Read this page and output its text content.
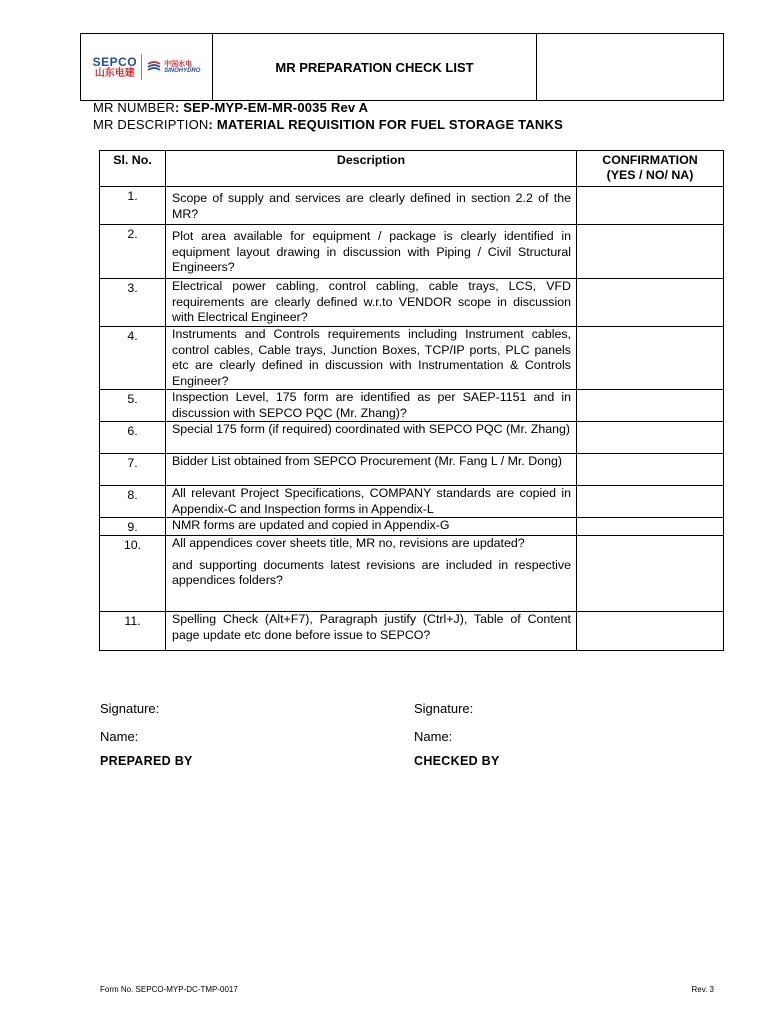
SEPCO
山东电建
中国水电
SINOHYDRO	MR PREPARATION CHECK LIST
MR NUMBER: SEP-MYP-EM-MR-0035 Rev A
MR DESCRIPTION: MATERIAL REQUISITION FOR FUEL STORAGE TANKS
Sl. No.	Description	CONFIRMATION
(YES / NO/ NA)

1.	Scope of supply and services are clearly defined in section 2.2 of the MR?	

2.	Plot area available for equipment / package is clearly identified in equipment layout drawing in discussion with Piping / Civil Structural Engineers?	

3.	Electrical power cabling, control cabling, cable trays, LCS, VFD requirements are clearly defined w.r.to VENDOR scope in discussion with Electrical Engineer?	

4.	Instruments and Controls requirements including Instrument cables, control cables, Cable trays, Junction Boxes, TCP/IP ports, PLC panels etc are clearly defined in discussion with Instrumentation & Controls Engineer?	

5.	Inspection Level, 175 form are identified as per SAEP-1151 and in discussion with SEPCO PQC (Mr. Zhang)?	

6.	Special 175 form (if required) coordinated with SEPCO PQC (Mr. Zhang)	

7.	Bidder List obtained from SEPCO Procurement (Mr. Fang L / Mr. Dong)	

8.	All relevant Project Specifications, COMPANY standards are copied in Appendix-C and Inspection forms in Appendix-L	

9.	NMR forms are updated and copied in Appendix-G	

10.	All appendices cover sheets title, MR no, revisions are updated?

and supporting documents latest revisions are included in respective appendices folders?	

11.	Spelling Check (Alt+F7), Paragraph justify (Ctrl+J), Table of Content page update etc done before issue to SEPCO?	

Signature:
Name:
PREPARED BY
Signature:
Name:
CHECKED BY
Form No. SEPCO-MYP-DC-TMP-0017	Rev. 3
